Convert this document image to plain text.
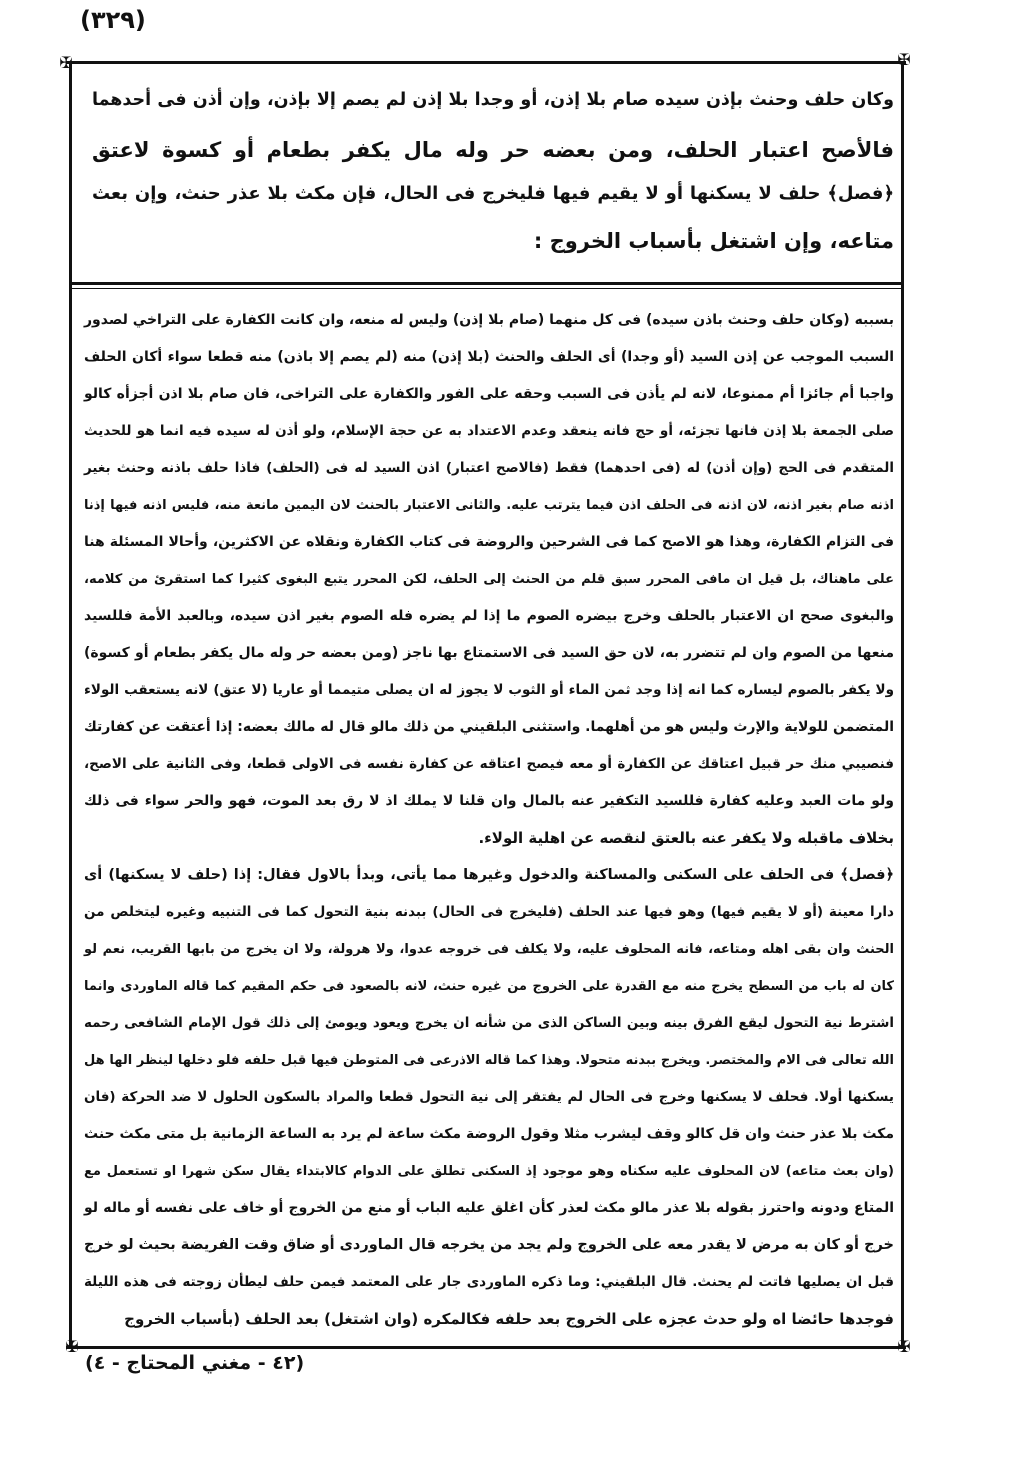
(٣٢٩)
✠	✠
✠	✠
وكان حلف وحنث بإذن سيده صام بلا إذن، أو وجدا بلا إذن لم يصم إلا بإذن، وإن أذن فى أحدهما
فالأصح اعتبار الحلف، ومن بعضه حر وله مال يكفر بطعام أو كسوة لاعتق
﴿فصل﴾ حلف لا يسكنها أو لا يقيم فيها فليخرج فى الحال، فإن مكث بلا عذر حنث، وإن بعث
متاعه، وإن اشتغل بأسباب الخروج :
بسببه (وكان حلف وحنث باذن سيده) فى كل منهما (صام بلا إذن) وليس له منعه، وان كانت الكفارة على التراخي لصدور
السبب الموجب عن إذن السيد (أو وجدا) أى الحلف والحنث (بلا إذن) منه (لم يصم إلا باذن) منه قطعا سواء أكان الحلف
واجبا أم جائزا أم ممنوعا، لانه لم يأذن فى السبب وحقه على الفور والكفارة على التراخى، فان صام بلا اذن أجزأه كالو
صلى الجمعة بلا إذن فانها تجزئه، أو حج فانه ينعقد وعدم الاعتداد به عن حجة الإسلام، ولو أذن له سيده فيه انما هو للحديث
المتقدم فى الحج (وإن أذن) له (فى احدهما) فقط (فالاصح اعتبار) اذن السيد له فى (الحلف) فاذا حلف باذنه وحنث بغير
اذنه صام بغير اذنه، لان اذنه فى الحلف اذن فيما يترتب عليه. والثانى الاعتبار بالحنث لان اليمين مانعة منه، فليس اذنه فيها إذنا
فى التزام الكفارة، وهذا هو الاصح كما فى الشرحين والروضة فى كتاب الكفارة ونقلاه عن الاكثرين، وأحالا المسئلة هنا
على ماهناك، بل قيل ان مافى المحرر سبق قلم من الحنث إلى الحلف، لكن المحرر يتبع البغوى كثيرا كما استقرئ من كلامه،
والبغوى صحح ان الاعتبار بالحلف وخرج بيضره الصوم ما إذا لم يضره فله الصوم بغير اذن سيده، وبالعبد الأمة فللسيد
منعها من الصوم وان لم تتضرر به، لان حق السيد فى الاستمتاع بها ناجز (ومن بعضه حر وله مال يكفر بطعام أو كسوة)
ولا يكفر بالصوم ليساره كما انه إذا وجد ثمن الماء أو الثوب لا يجوز له ان يصلى متيمما أو عاريا (لا عتق) لانه يستعقب الولاء
المتضمن للولاية والإرث وليس هو من أهلهما. واستثنى البلقيني من ذلك مالو قال له مالك بعضه: إذا أعتقت عن كفارتك
فنصيبي منك حر قبيل اعتاقك عن الكفارة أو معه فيصح اعتاقه عن كفارة نفسه فى الاولى قطعا، وفى الثانية على الاصح،
ولو مات العبد وعليه كفارة فللسيد التكفير عنه بالمال وان قلنا لا يملك اذ لا رق بعد الموت، فهو والحر سواء فى ذلك
بخلاف ماقبله ولا يكفر عنه بالعتق لنقصه عن اهلية الولاء.
﴿فصل﴾ فى الحلف على السكنى والمساكنة والدخول وغيرها مما يأتى، وبدأ بالاول فقال: إذا (حلف لا يسكنها) أى
دارا معينة (أو لا يقيم فيها) وهو فيها عند الحلف (فليخرج فى الحال) ببدنه بنية التحول كما فى التنبيه وغيره ليتخلص من
الحنث وان بقى اهله ومتاعه، فانه المحلوف عليه، ولا يكلف فى خروجه عدوا، ولا هرولة، ولا ان يخرج من بابها القريب، نعم لو
كان له باب من السطح يخرج منه مع القدرة على الخروج من غيره حنث، لانه بالصعود فى حكم المقيم كما قاله الماوردى وانما
اشترط نية التحول ليقع الفرق بينه وبين الساكن الذى من شأنه ان يخرج ويعود ويومئ إلى ذلك قول الإمام الشافعى رحمه
الله تعالى فى الام والمختصر. ويخرج ببدنه متحولا. وهذا كما قاله الاذرعى فى المتوطن فيها قبل حلفه فلو دخلها لينظر الها هل
يسكنها أولا. فحلف لا يسكنها وخرج فى الحال لم يفتقر إلى نية التحول قطعا والمراد بالسكون الحلول لا ضد الحركة (فان
مكث بلا عذر حنث وان قل كالو وقف ليشرب مثلا وقول الروضة مكث ساعة لم يرد به الساعة الزمانية بل متى مكث حنث
(وان بعث متاعه) لان المحلوف عليه سكناه وهو موجود إذ السكنى تطلق على الدوام كالابتداء يقال سكن شهرا او تستعمل مع
المتاع ودونه واحترز بقوله بلا عذر مالو مكث لعذر كأن اغلق عليه الباب أو منع من الخروج أو خاف على نفسه أو ماله لو
خرج أو كان به مرض لا يقدر معه على الخروج ولم يجد من يخرجه قال الماوردى أو ضاق وقت الفريضة بحيث لو خرج
قبل ان يصليها فاتت لم يحنث. قال البلقيني: وما ذكره الماوردى جار على المعتمد فيمن حلف ليطأن زوجته فى هذه الليلة
فوجدها حائضا اه ولو حدث عجزه على الخروج بعد حلفه فكالمكره (وان اشتغل) بعد الحلف (بأسباب الخروج
(٤٢ - مغني المحتاج - ٤)
